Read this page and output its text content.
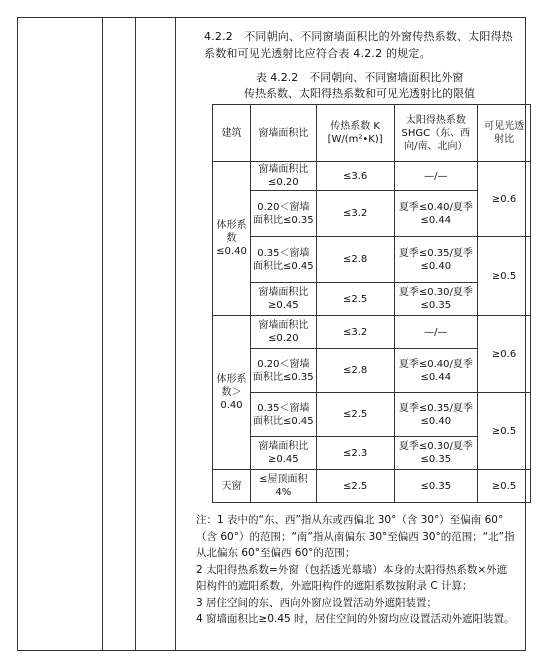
4.2.2　不同朝向、不同窗墙面积比的外窗传热系数、太阳得热系数和可见光透射比应符合表 4.2.2 的规定。
表 4.2.2　不同朝向、不同窗墙面积比外窗
传热系数、太阳得热系数和可见光透射比的限值
建筑	窗墙面积比	传热系数 K [W/(m²•K)]	太阳得热系数 SHGC（东、西向/南、北向）	可见光透射比
体形系数≤0.40	窗墙面积比≤0.20	≤3.6	—/—	≥0.6
	0.20＜窗墙面积比≤0.35	≤3.2	夏季≤0.40/夏季≤0.44	
	0.35＜窗墙面积比≤0.45	≤2.8	夏季≤0.35/夏季≤0.40	≥0.5
	窗墙面积比≥0.45	≤2.5	夏季≤0.30/夏季≤0.35	
体形系数＞0.40	窗墙面积比≤0.20	≤3.2	—/—	≥0.6
	0.20＜窗墙面积比≤0.35	≤2.8	夏季≤0.40/夏季≤0.44	
	0.35＜窗墙面积比≤0.45	≤2.5	夏季≤0.35/夏季≤0.40	≥0.5
	窗墙面积比≥0.45	≤2.3	夏季≤0.30/夏季≤0.35	
天窗	≤屋顶面积4%	≤2.5	≤0.35	≥0.5
注：1 表中的“东、西”指从东或西偏北 30°（含 30°）至偏南 60°（含 60°）的范围；“南”指从南偏东 30°至偏西 30°的范围；“北”指从北偏东 60°至偏西 60°的范围；
2 太阳得热系数=外窗（包括透光幕墙）本身的太阳得热系数×外遮阳构件的遮阳系数，外遮阳构件的遮阳系数按附录 C 计算；
3 居住空间的东、西向外窗应设置活动外遮阳装置；
4 窗墙面积比≥0.45 时，居住空间的外窗均应设置活动外遮阳装置。
